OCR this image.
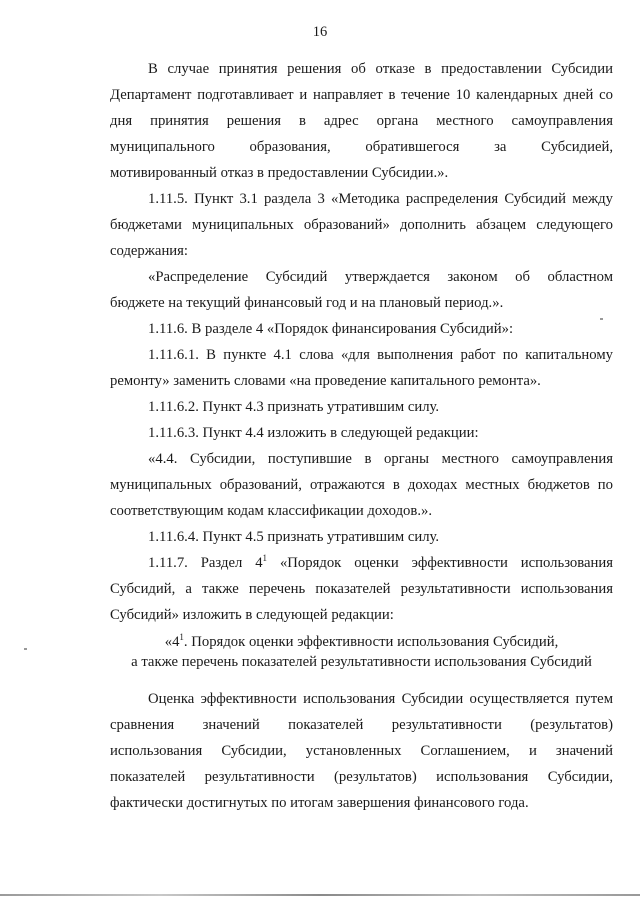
16

В случае принятия решения об отказе в предоставлении Субсидии
Департамент подготавливает и направляет в течение 10 календарных дней со
дня принятия решения в адрес органа местного самоуправления
муниципального образования, обратившегося за Субсидией,
мотивированный отказ в предоставлении Субсидии.».

1.11.5. Пункт 3.1 раздела 3 «Методика распределения Субсидий между
бюджетами муниципальных образований» дополнить абзацем следующего
содержания:

«Распределение Субсидий утверждается законом об областном
бюджете на текущий финансовый год и на плановый период.».

1.11.6. В разделе 4 «Порядок финансирования Субсидий»:

1.11.6.1. В пункте 4.1 слова «для выполнения работ по капитальному
ремонту» заменить словами «на проведение капитального ремонта».

1.11.6.2. Пункт 4.3 признать утратившим силу.

1.11.6.3. Пункт 4.4 изложить в следующей редакции:

«4.4. Субсидии, поступившие в органы местного самоуправления
муниципальных образований, отражаются в доходах местных бюджетов по
соответствующим кодам классификации доходов.».

1.11.6.4. Пункт 4.5 признать утратившим силу.

1.11.7. Раздел $4^1$ «Порядок оценки эффективности использования
Субсидий, а также перечень показателей результативности использования
Субсидий» изложить в следующей редакции:

«$4^1$. Порядок оценки эффективности использования Субсидий,
а также перечень показателей результативности использования Субсидий

Оценка эффективности использования Субсидии осуществляется путем
сравнения значений показателей результативности (результатов)
использования Субсидии, установленных Соглашением, и значений
показателей результативности (результатов) использования Субсидии,
фактически достигнутых по итогам завершения финансового года.
